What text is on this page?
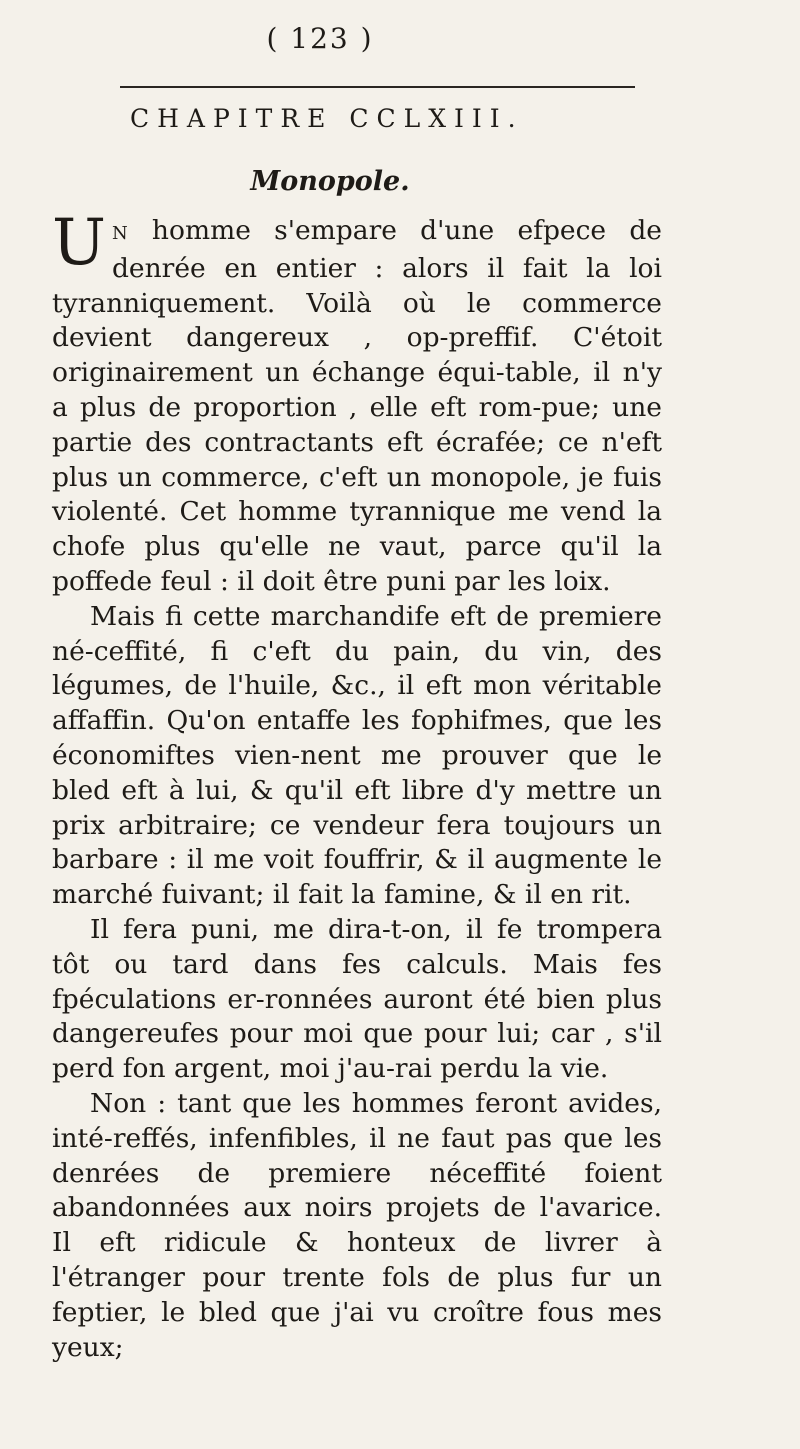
( 123 )
CHAPITRE CCLXIII.
Monopole.

U N homme s'empare d'une efpece de denrée en entier : alors il fait la loi tyranniquement. Voilà où le commerce devient dangereux , op-preffif. C'étoit originairement un échange équi-table, il n'y a plus de proportion , elle eft rom-pue; une partie des contractants eft écrafée; ce n'eft plus un commerce, c'eft un monopole, je fuis violenté. Cet homme tyrannique me vend la chofe plus qu'elle ne vaut, parce qu'il la poffede feul : il doit être puni par les loix.

Mais fi cette marchandife eft de premiere né-ceffité, fi c'eft du pain, du vin, des légumes, de l'huile, &c., il eft mon véritable affaffin. Qu'on entaffe les fophifmes, que les économiftes vien-nent me prouver que le bled eft à lui, & qu'il eft libre d'y mettre un prix arbitraire; ce vendeur fera toujours un barbare : il me voit fouffrir, & il augmente le marché fuivant; il fait la famine, & il en rit.

Il fera puni, me dira-t-on, il fe trompera tôt ou tard dans fes calculs. Mais fes fpéculations er-ronnées auront été bien plus dangereufes pour moi que pour lui; car , s'il perd fon argent, moi j'au-rai perdu la vie.

Non : tant que les hommes feront avides, inté-reffés, infenfibles, il ne faut pas que les denrées de premiere néceffité foient abandonnées aux noirs projets de l'avarice. Il eft ridicule & honteux de livrer à l'étranger pour trente fols de plus fur un feptier, le bled que j'ai vu croître fous mes yeux;
